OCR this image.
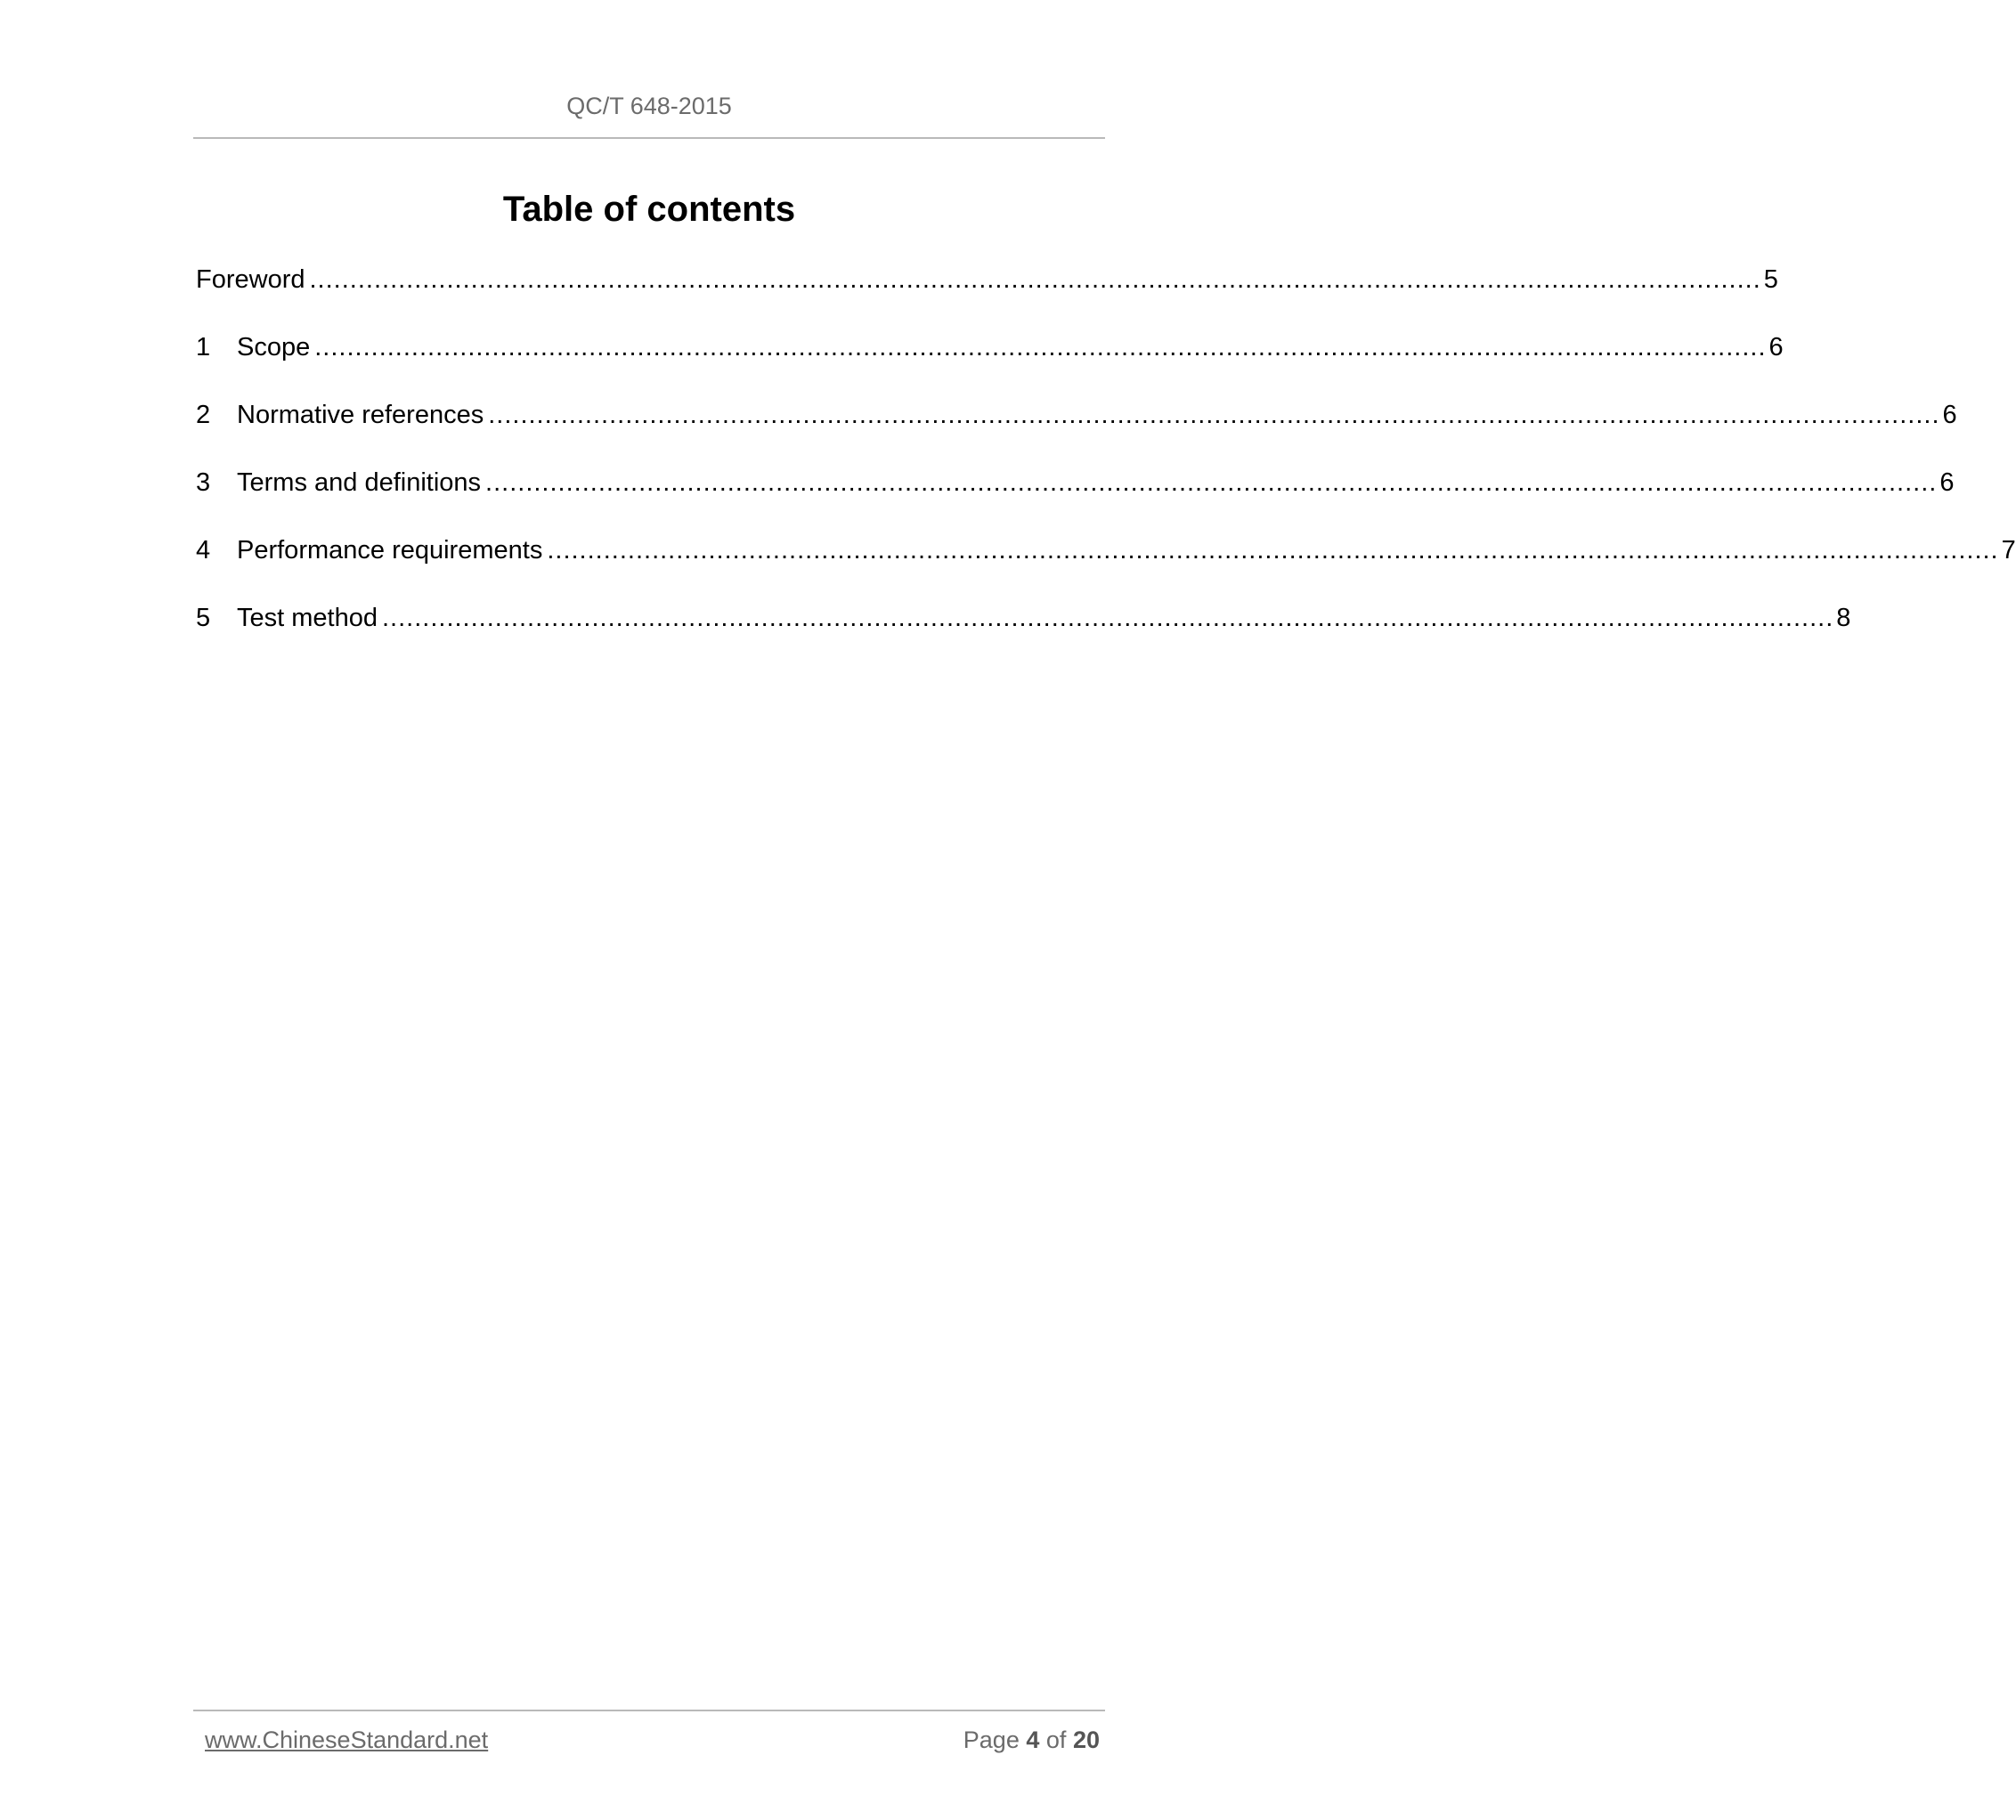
QC/T 648-2015
Table of contents
Foreword .................................................................................................................................................................................... 5
1	Scope .................................................................................................................................................................................... 6
2	Normative references .................................................................................................................................................................................... 6
3	Terms and definitions .................................................................................................................................................................................... 6
4	Performance requirements .................................................................................................................................................................................... 7
5	Test method .................................................................................................................................................................................... 8
www.ChineseStandard.net	Page 4 of 20
